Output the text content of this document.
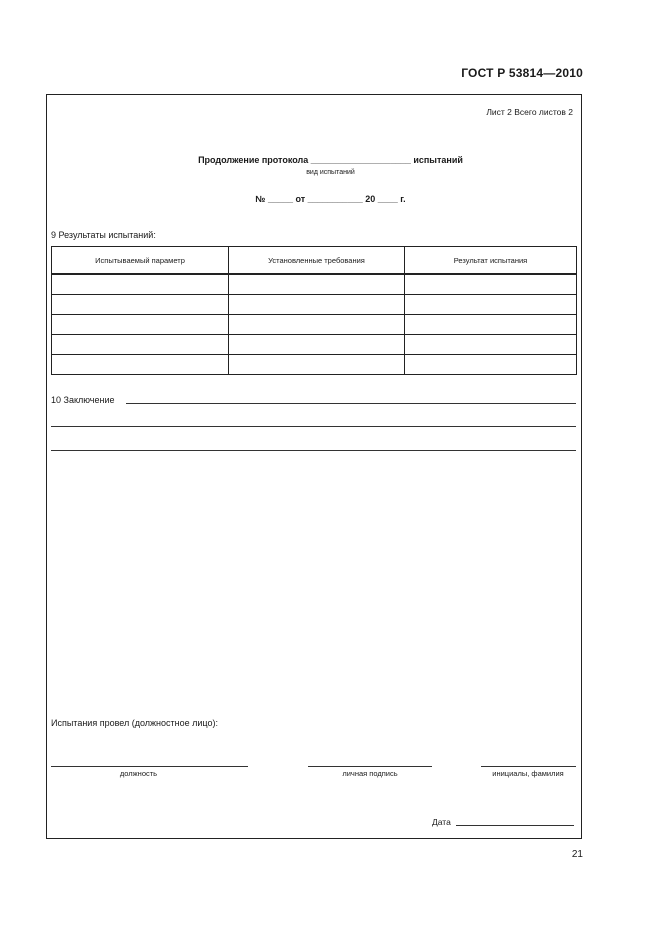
ГОСТ Р 53814—2010
Лист 2 Всего листов 2
Продолжение протокола ____________________ испытаний
вид испытаний
№ _____ от ___________ 20 ____ г.
9 Результаты испытаний:
Испытываемый параметр	Установленные требования	Результат испытания

10 Заключение
Испытания провел (должностное лицо):
должность	личная подпись	инициалы, фамилия
Дата
21
